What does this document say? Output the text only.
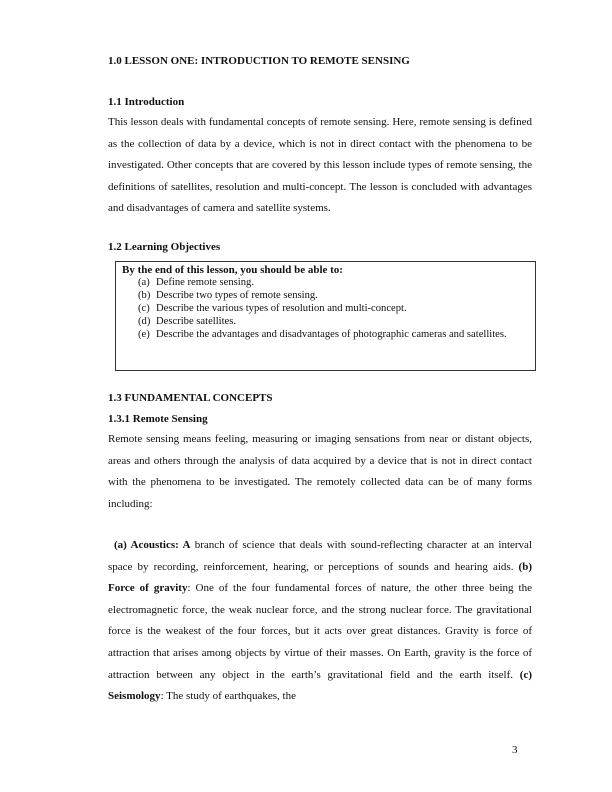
1.0 LESSON ONE: INTRODUCTION TO REMOTE SENSING
1.1 Introduction
This lesson deals with fundamental concepts of remote sensing. Here, remote sensing is defined as the collection of data by a device, which is not in direct contact with the phenomena to be investigated. Other concepts that are covered by this lesson include types of remote sensing, the definitions of satellites, resolution and multi-concept. The lesson is concluded with advantages and disadvantages of camera and satellite systems.
1.2 Learning Objectives
By the end of this lesson, you should be able to:
(a) Define remote sensing.
(b) Describe two types of remote sensing.
(c) Describe the various types of resolution and multi-concept.
(d) Describe satellites.
(e) Describe the advantages and disadvantages of photographic cameras and satellites.
1.3 FUNDAMENTAL CONCEPTS
1.3.1 Remote Sensing
Remote sensing means feeling, measuring or imaging sensations from near or distant objects, areas and others through the analysis of data acquired by a device that is not in direct contact with the phenomena to be investigated. The remotely collected data can be of many forms including:
(a) Acoustics: A branch of science that deals with sound-reflecting character at an interval space by recording, reinforcement, hearing, or perceptions of sounds and hearing aids. (b) Force of gravity: One of the four fundamental forces of nature, the other three being the electromagnetic force, the weak nuclear force, and the strong nuclear force. The gravitational force is the weakest of the four forces, but it acts over great distances. Gravity is force of attraction that arises among objects by virtue of their masses. On Earth, gravity is the force of attraction between any object in the earth’s gravitational field and the earth itself. (c) Seismology: The study of earthquakes, the
3
